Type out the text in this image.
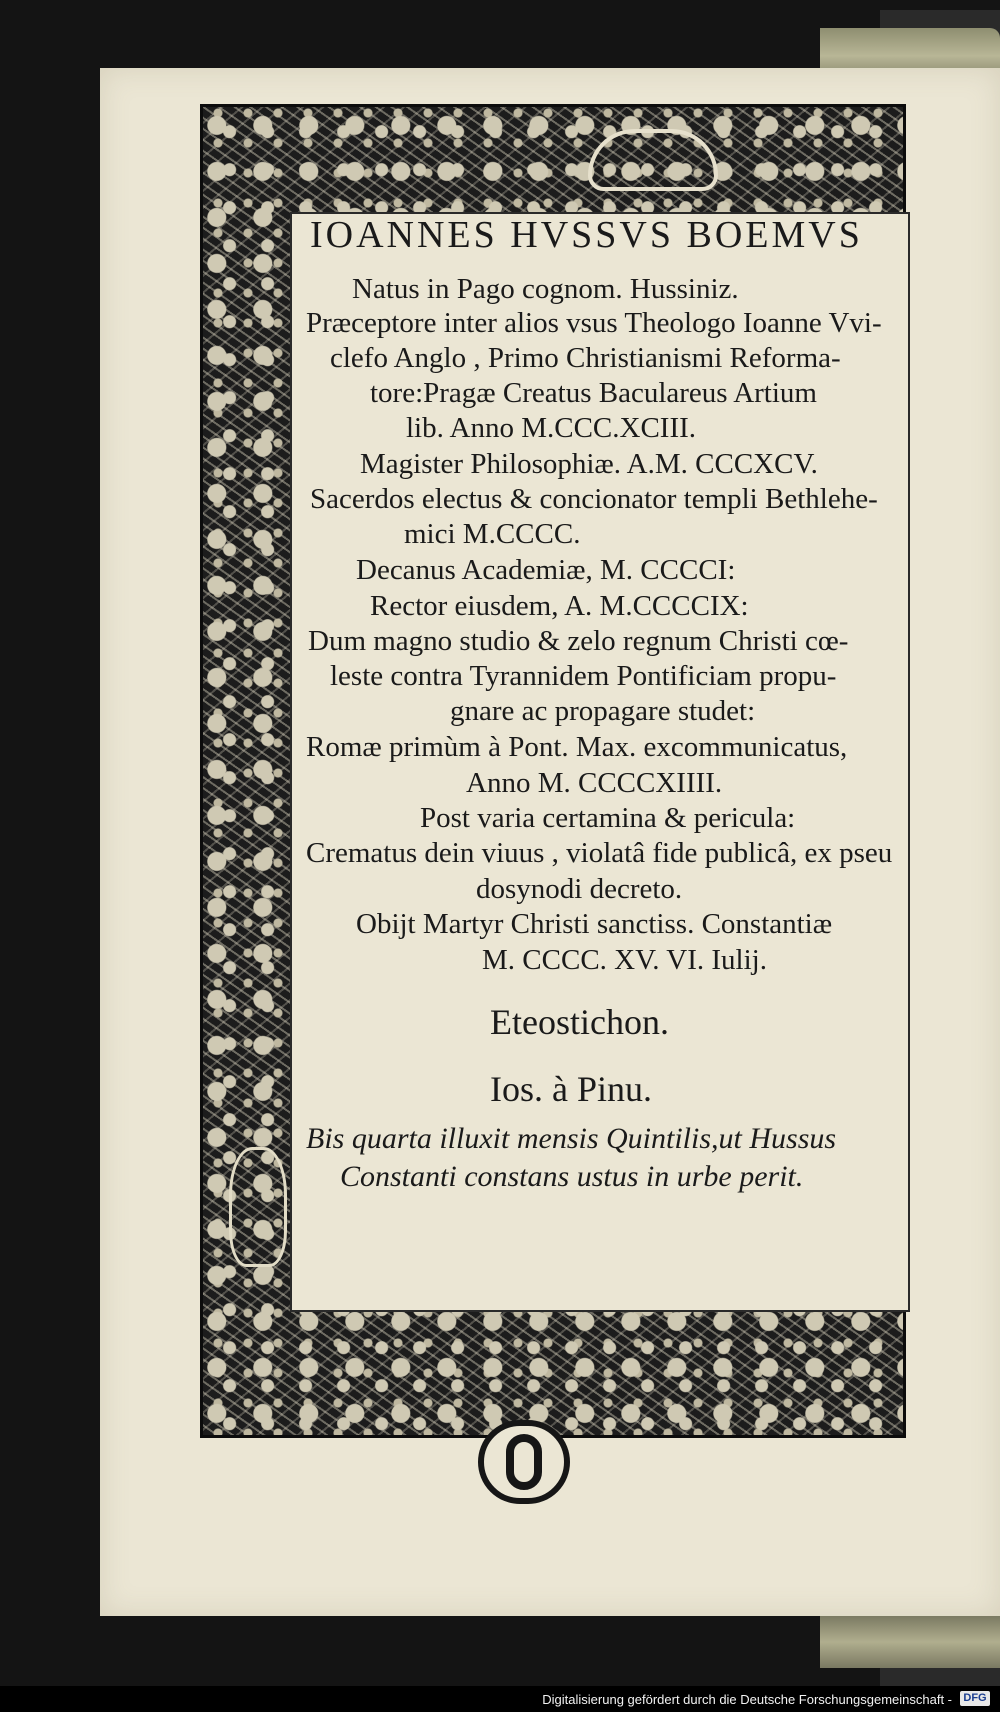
IOANNES HVSSVS BOEMVS
Natus in Pago cognom. Hussiniz.
Præceptore inter alios vsus Theologo Ioanne Vvi-
clefo Anglo , Primo Christianismi Reforma-
tore:Pragæ Creatus Baculareus Artium
lib. Anno M.CCC.XCIII.
Magister Philosophiæ. A.M. CCCXCV.
Sacerdos electus & concionator templi Bethlehe-
mici M.CCCC.
Decanus Academiæ, M. CCCCI:
Rector eiusdem, A. M.CCCCIX:
Dum magno studio & zelo regnum Christi cœ-
leste contra Tyrannidem Pontificiam propu-
gnare ac propagare studet:
Romæ primùm à Pont. Max. excommunicatus,
Anno M. CCCCXIIII.
Post varia certamina & pericula:
Crematus dein viuus , violatâ fide publicâ, ex pseu
dosynodi decreto.
Obijt Martyr Christi sanctiss. Constantiæ
M. CCCC. XV. VI. Iulij.
Eteostichon.
Ios. à Pinu.
Bis quarta illuxit mensis Quintilis,ut Hussus
Constanti constans ustus in urbe perit.
Digitalisierung gefördert durch die Deutsche Forschungsgemeinschaft -	DFG
